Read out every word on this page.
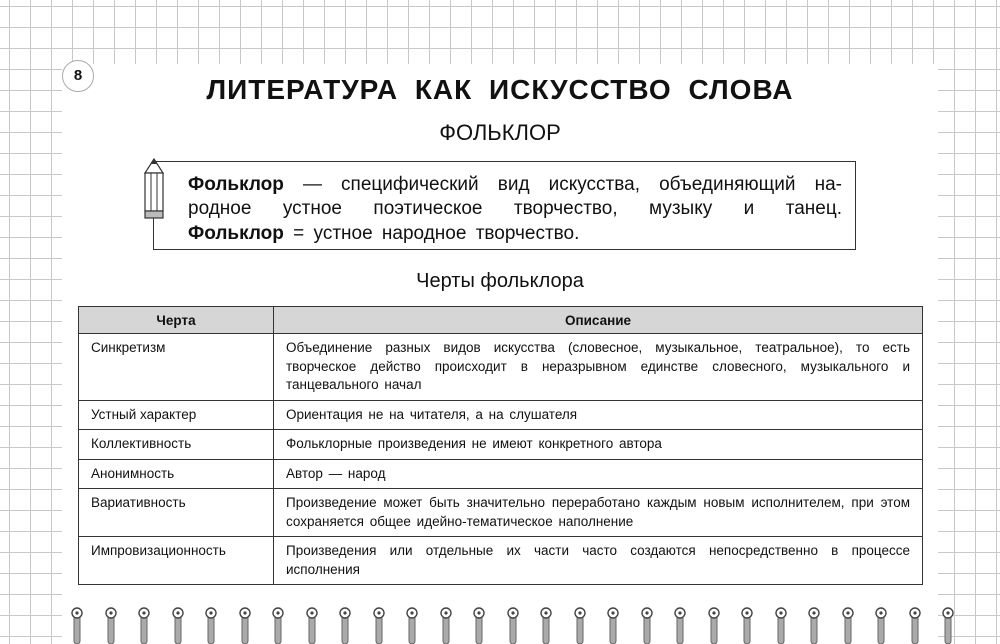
8	ЛИТЕРАТУРА КАК ИСКУССТВО СЛОВА
ФОЛЬКЛОР
Фольклор — специфический вид искусства, объединяющий на-
родное устное поэтическое творчество, музыку и танец.
Фольклор = устное народное творчество.
Черты фольклора
Черта	Описание
Синкретизм	Объединение разных видов искусства (словесное, музыкальное, театральное), то есть творческое действо происходит в неразрывном единстве словесного, музыкального и танцевального начал
Устный характер	Ориентация не на читателя, а на слушателя
Коллективность	Фольклорные произведения не имеют конкретного автора
Анонимность	Автор — народ
Вариативность	Произведение может быть значительно переработано каждым новым исполнителем, при этом сохраняется общее идейно-тематическое наполнение
Импровизационность	Произведения или отдельные их части часто создаются непосредственно в процессе исполнения
